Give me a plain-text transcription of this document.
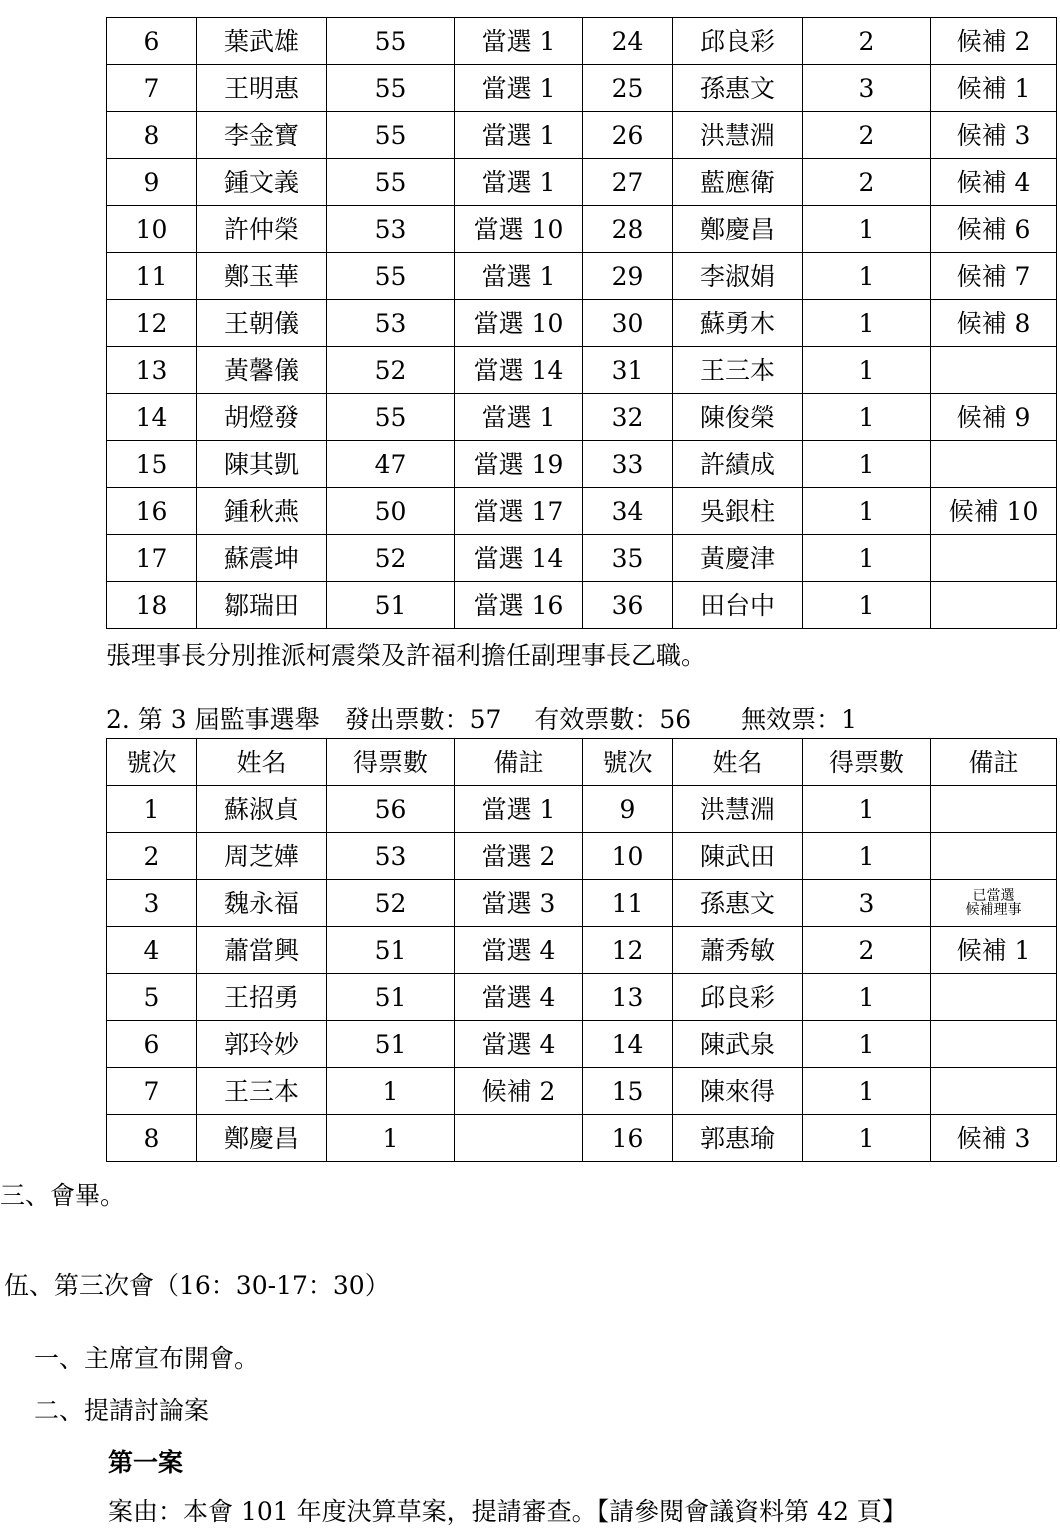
6	葉武雄	55	當選 1	24	邱良彩	2	候補 2
7	王明惠	55	當選 1	25	孫惠文	3	候補 1
8	李金寶	55	當選 1	26	洪慧淵	2	候補 3
9	鍾文義	55	當選 1	27	藍應衛	2	候補 4
10	許仲榮	53	當選 10	28	鄭慶昌	1	候補 6
11	鄭玉華	55	當選 1	29	李淑娟	1	候補 7
12	王朝儀	53	當選 10	30	蘇勇木	1	候補 8
13	黃馨儀	52	當選 14	31	王三本	1	
14	胡燈發	55	當選 1	32	陳俊榮	1	候補 9
15	陳其凱	47	當選 19	33	許績成	1	
16	鍾秋燕	50	當選 17	34	吳銀柱	1	候補 10
17	蘇震坤	52	當選 14	35	黃慶津	1	
18	鄒瑞田	51	當選 16	36	田台中	1	
張理事長分別推派柯震榮及許福利擔任副理事長乙職。
2. 第 3 屆監事選舉　發出票數：57　 有效票數：56　　無效票：1
號次	姓名	得票數	備註	號次	姓名	得票數	備註
1	蘇淑貞	56	當選 1	9	洪慧淵	1	
2	周芝嬅	53	當選 2	10	陳武田	1	
3	魏永福	52	當選 3	11	孫惠文	3	已當選
候補理事
4	蕭當興	51	當選 4	12	蕭秀敏	2	候補 1
5	王招勇	51	當選 4	13	邱良彩	1	
6	郭玲妙	51	當選 4	14	陳武泉	1	
7	王三本	1	候補 2	15	陳來得	1	
8	鄭慶昌	1		16	郭惠瑜	1	候補 3
三、會畢。
伍、第三次會（16：30-17：30）
一、主席宣布開會。
二、提請討論案
第一案
案由：本會 101 年度決算草案，提請審查。【請參閱會議資料第 42 頁】
